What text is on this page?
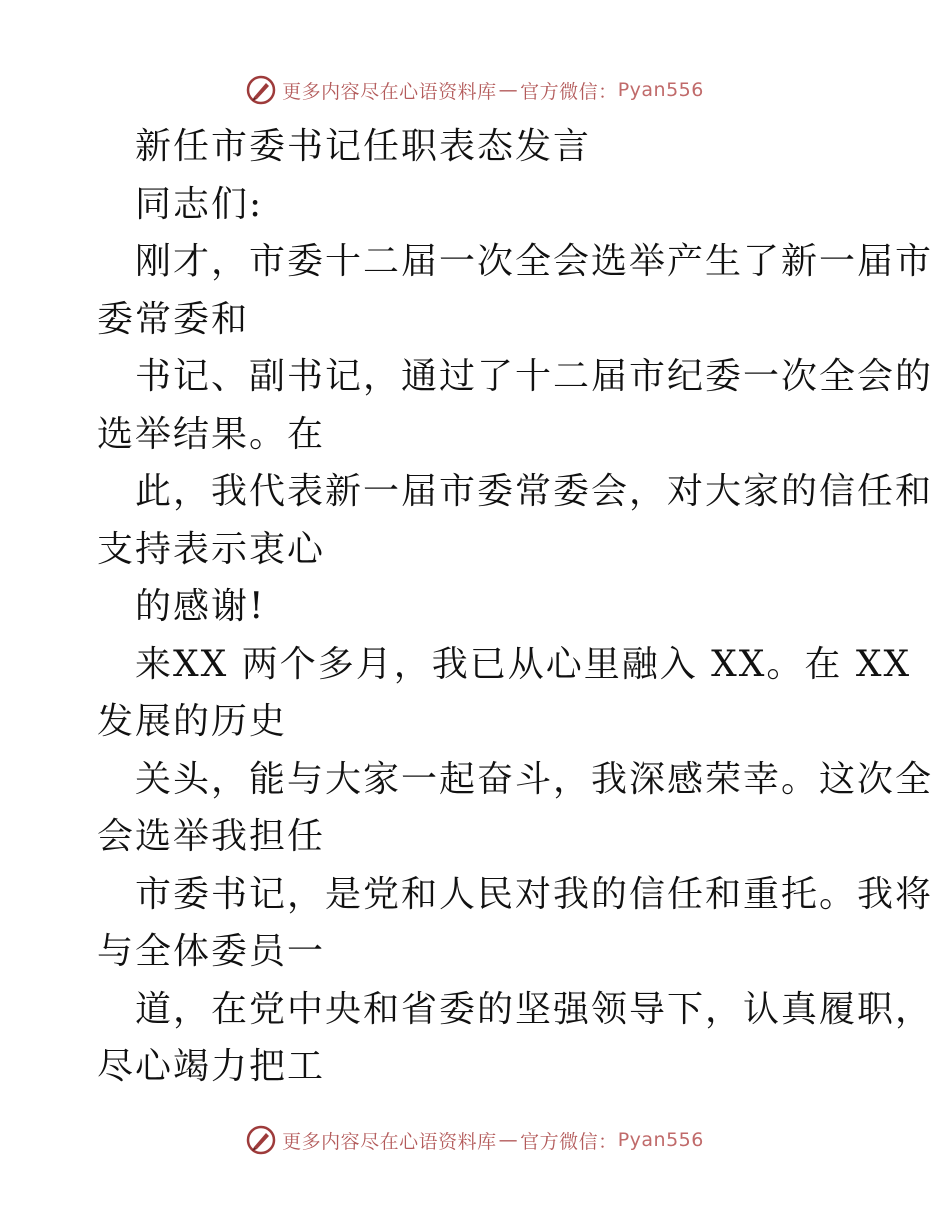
更多内容尽在心语资料库 — 官方微信： Pyan556
新任市委书记任职表态发言
同志们:
刚才，市委十二届一次全会选举产生了新一届市
委常委和
书记、副书记，通过了十二届市纪委一次全会的
选举结果。在
此，我代表新一届市委常委会，对大家的信任和
支持表示衷心
的感谢!
来XX 两个多月，我已从心里融入 XX。在 XX
发展的历史
关头，能与大家一起奋斗，我深感荣幸。这次全
会选举我担任
市委书记，是党和人民对我的信任和重托。我将
与全体委员一
道，在党中央和省委的坚强领导下，认真履职，
尽心竭力把工
更多内容尽在心语资料库 — 官方微信： Pyan556
